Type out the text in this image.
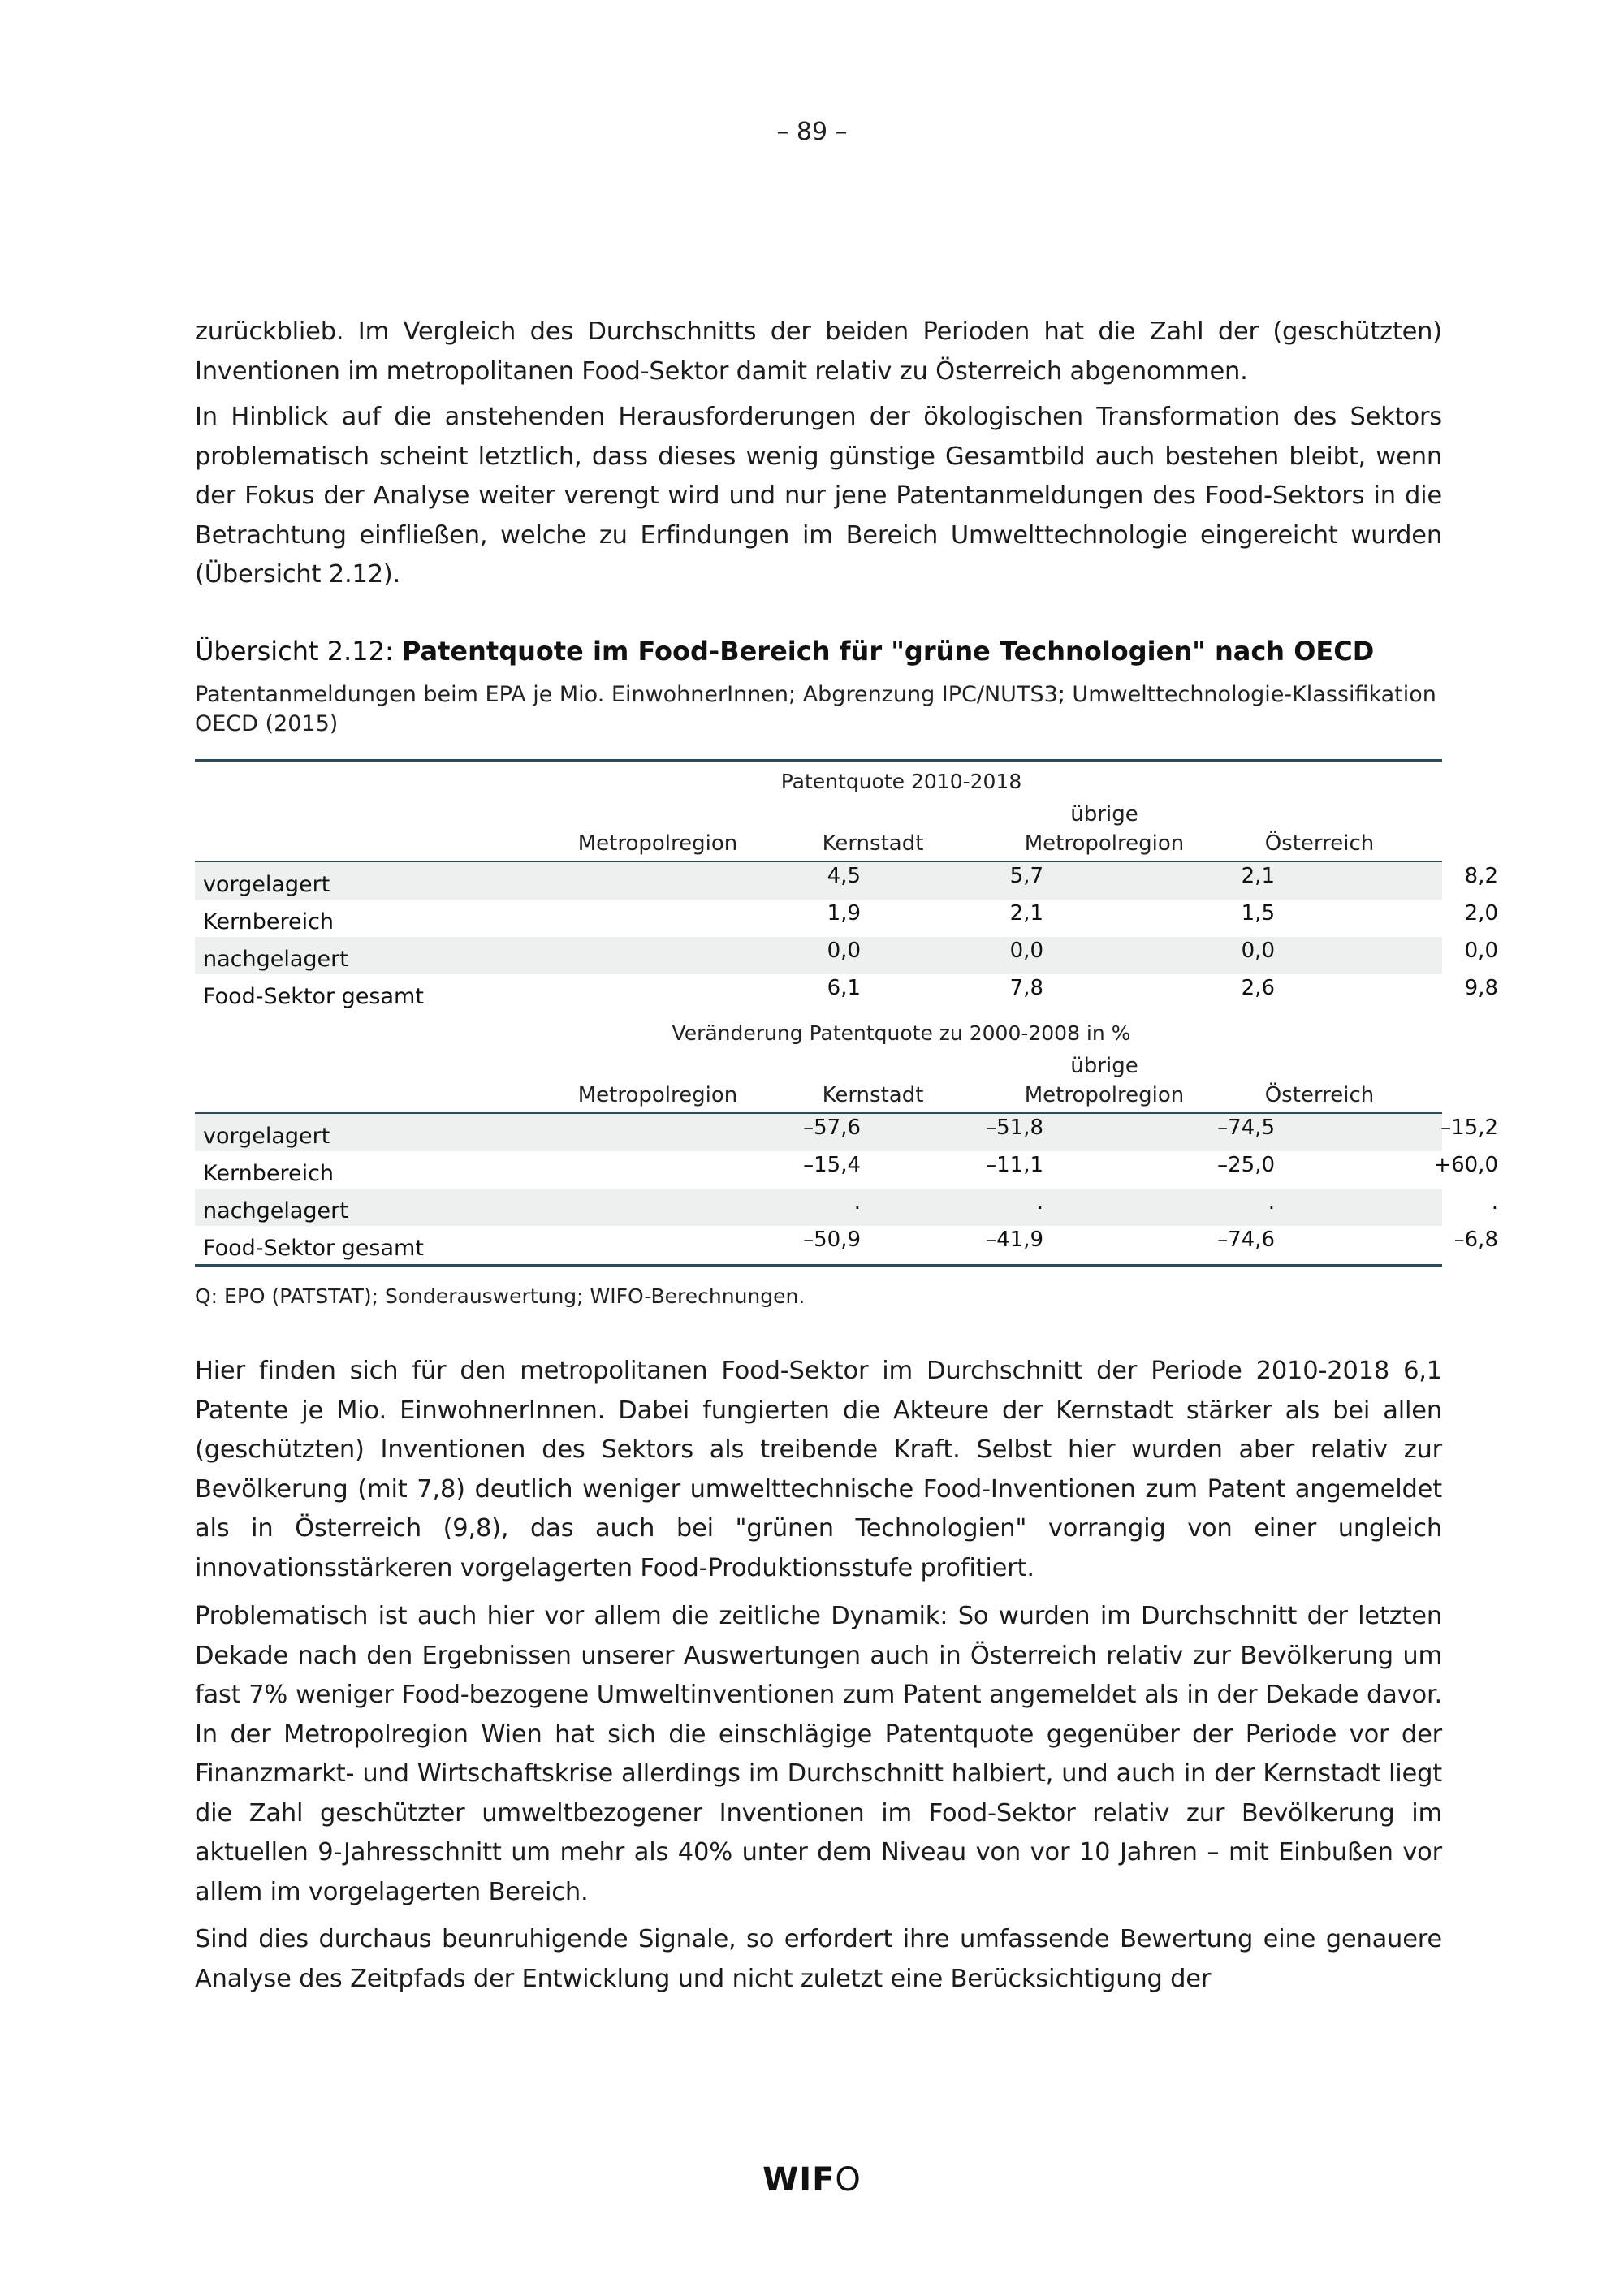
– 89 –

zurückblieb. Im Vergleich des Durchschnitts der beiden Perioden hat die Zahl der (geschützten) Inventionen im metropolitanen Food-Sektor damit relativ zu Österreich abgenommen.

In Hinblick auf die anstehenden Herausforderungen der ökologischen Transformation des Sektors problematisch scheint letztlich, dass dieses wenig günstige Gesamtbild auch bestehen bleibt, wenn der Fokus der Analyse weiter verengt wird und nur jene Patentanmeldungen des Food-Sektors in die Betrachtung einfließen, welche zu Erfindungen im Bereich Umwelttechnologie eingereicht wurden (Übersicht 2.12).

Übersicht 2.12: Patentquote im Food-Bereich für "grüne Technologien" nach OECD
Patentanmeldungen beim EPA je Mio. EinwohnerInnen; Abgrenzung IPC/NUTS3; Umwelttechnologie-Klassifikation OECD (2015)
Patentquote 2010-2018
Metropolregion	Kernstadt
übrige
Metropolregion	Österreich
vorgelagert	4,5	5,7	2,1	8,2
Kernbereich	1,9	2,1	1,5	2,0
nachgelagert	0,0	0,0	0,0	0,0
Food-Sektor gesamt	6,1	7,8	2,6	9,8
Veränderung Patentquote zu 2000-2008 in %
Metropolregion	Kernstadt
übrige
Metropolregion	Österreich
vorgelagert	–57,6	–51,8	–74,5	–15,2
Kernbereich	–15,4	–11,1	–25,0	+60,0
nachgelagert	.	.	.	.
Food-Sektor gesamt	–50,9	–41,9	–74,6	–6,8
Q: EPO (PATSTAT); Sonderauswertung; WIFO-Berechnungen.

Hier finden sich für den metropolitanen Food-Sektor im Durchschnitt der Periode 2010-2018 6,1 Patente je Mio. EinwohnerInnen. Dabei fungierten die Akteure der Kernstadt stärker als bei allen (geschützten) Inventionen des Sektors als treibende Kraft. Selbst hier wurden aber relativ zur Bevölkerung (mit 7,8) deutlich weniger umwelttechnische Food-Inventionen zum Patent angemeldet als in Österreich (9,8), das auch bei "grünen Technologien" vorrangig von einer ungleich innovationsstärkeren vorgelagerten Food-Produktionsstufe profitiert.

Problematisch ist auch hier vor allem die zeitliche Dynamik: So wurden im Durchschnitt der letzten Dekade nach den Ergebnissen unserer Auswertungen auch in Österreich relativ zur Bevölkerung um fast 7% weniger Food-bezogene Umweltinventionen zum Patent angemeldet als in der Dekade davor. In der Metropolregion Wien hat sich die einschlägige Patentquote gegenüber der Periode vor der Finanzmarkt- und Wirtschaftskrise allerdings im Durchschnitt halbiert, und auch in der Kernstadt liegt die Zahl geschützter umweltbezogener Inventionen im Food-Sektor relativ zur Bevölkerung im aktuellen 9-Jahresschnitt um mehr als 40% unter dem Niveau von vor 10 Jahren – mit Einbußen vor allem im vorgelagerten Bereich.

Sind dies durchaus beunruhigende Signale, so erfordert ihre umfassende Bewertung eine genauere Analyse des Zeitpfads der Entwicklung und nicht zuletzt eine Berücksichtigung der

WIFO
